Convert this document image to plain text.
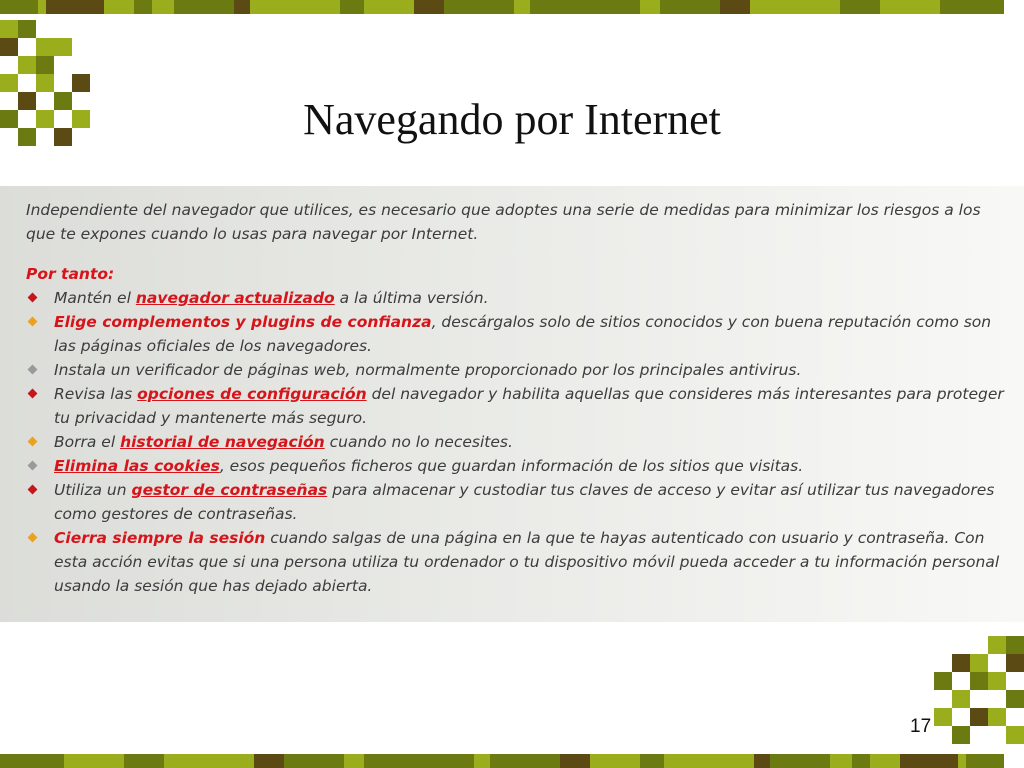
Navegando por Internet

Independiente del navegador que utilices, es necesario que adoptes una serie de medidas para minimizar los riesgos a los que te expones cuando lo usas para navegar por Internet.

Por tanto:

Mantén el navegador actualizado a la última versión.
Elige complementos y plugins de confianza, descárgalos solo de sitios conocidos y con buena reputación como son las páginas oficiales de los navegadores.
Instala un verificador de páginas web, normalmente proporcionado por los principales antivirus.
Revisa las opciones de configuración del navegador y habilita aquellas que consideres más interesantes para proteger tu privacidad y mantenerte más seguro.
Borra el historial de navegación cuando no lo necesites.
Elimina las cookies, esos pequeños ficheros que guardan información de los sitios que visitas.
Utiliza un gestor de contraseñas para almacenar y custodiar tus claves de acceso y evitar así utilizar tus navegadores como gestores de contraseñas.
Cierra siempre la sesión cuando salgas de una página en la que te hayas autenticado con usuario y contraseña. Con esta acción evitas que si una persona utiliza tu ordenador o tu dispositivo móvil pueda acceder a tu información personal usando la sesión que has dejado abierta.
17
